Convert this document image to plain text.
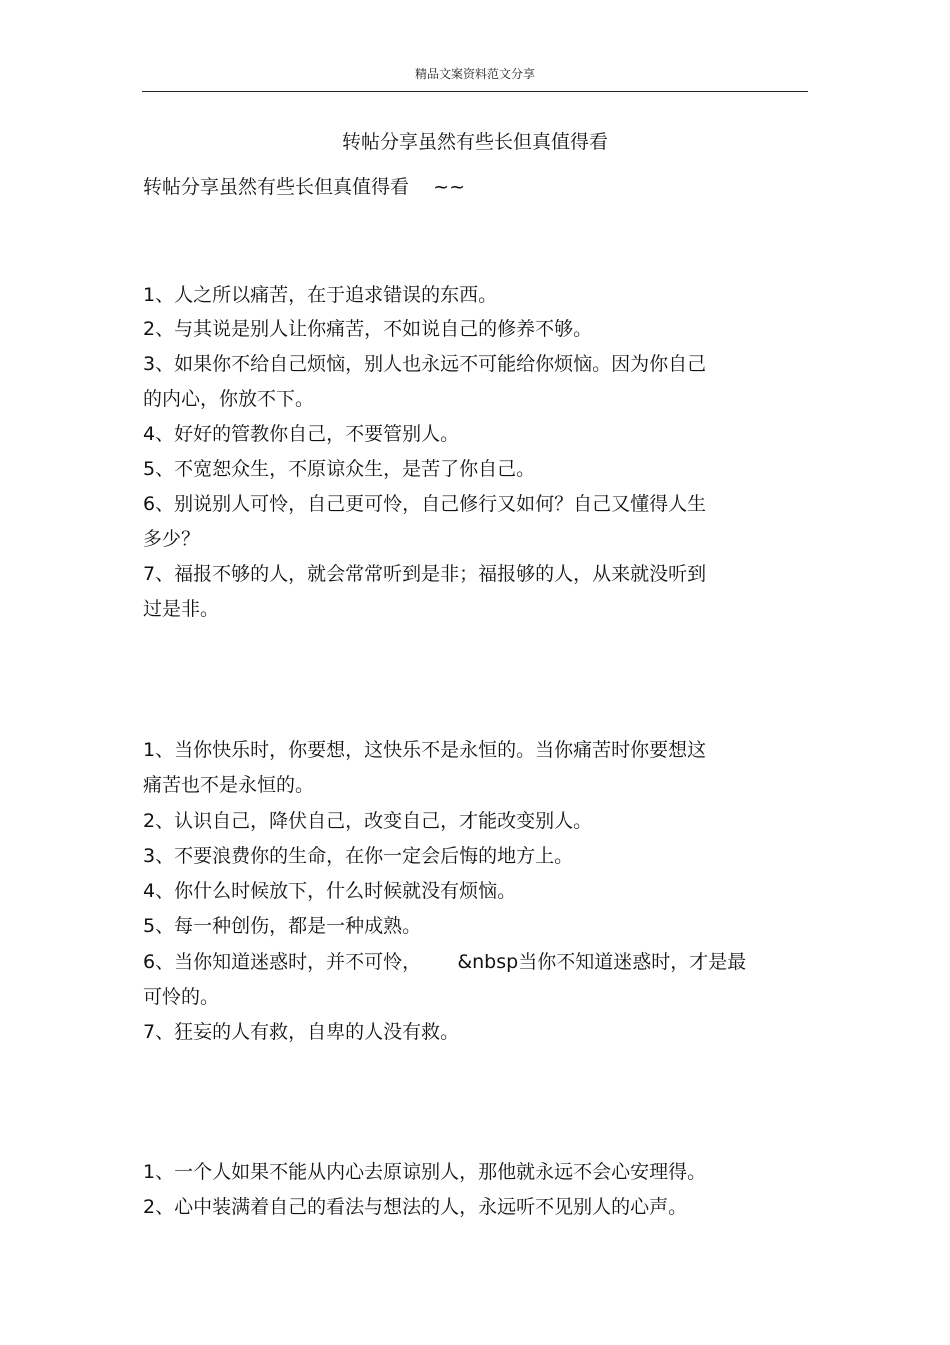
精品文案资料范文分享
转帖分享虽然有些长但真值得看
转帖分享虽然有些长但真值得看    ~~
1、人之所以痛苦，在于追求错误的东西。
2、与其说是别人让你痛苦，不如说自己的修养不够。
3、如果你不给自己烦恼，别人也永远不可能给你烦恼。因为你自己
的内心，你放不下。
4、好好的管教你自己，不要管别人。
5、不宽恕众生，不原谅众生，是苦了你自己。
6、别说别人可怜，自己更可怜，自己修行又如何？自己又懂得人生
多少？
7、福报不够的人，就会常常听到是非；福报够的人，从来就没听到
过是非。
1、当你快乐时，你要想，这快乐不是永恒的。当你痛苦时你要想这
痛苦也不是永恒的。
2、认识自己，降伏自己，改变自己，才能改变别人。
3、不要浪费你的生命，在你一定会后悔的地方上。
4、你什么时候放下，什么时候就没有烦恼。
5、每一种创伤，都是一种成熟。
6、当你知道迷惑时，并不可怜，      &nbsp当你不知道迷惑时，才是最
可怜的。
7、狂妄的人有救，自卑的人没有救。
1、一个人如果不能从内心去原谅别人，那他就永远不会心安理得。
2、心中装满着自己的看法与想法的人，永远听不见别人的心声。
